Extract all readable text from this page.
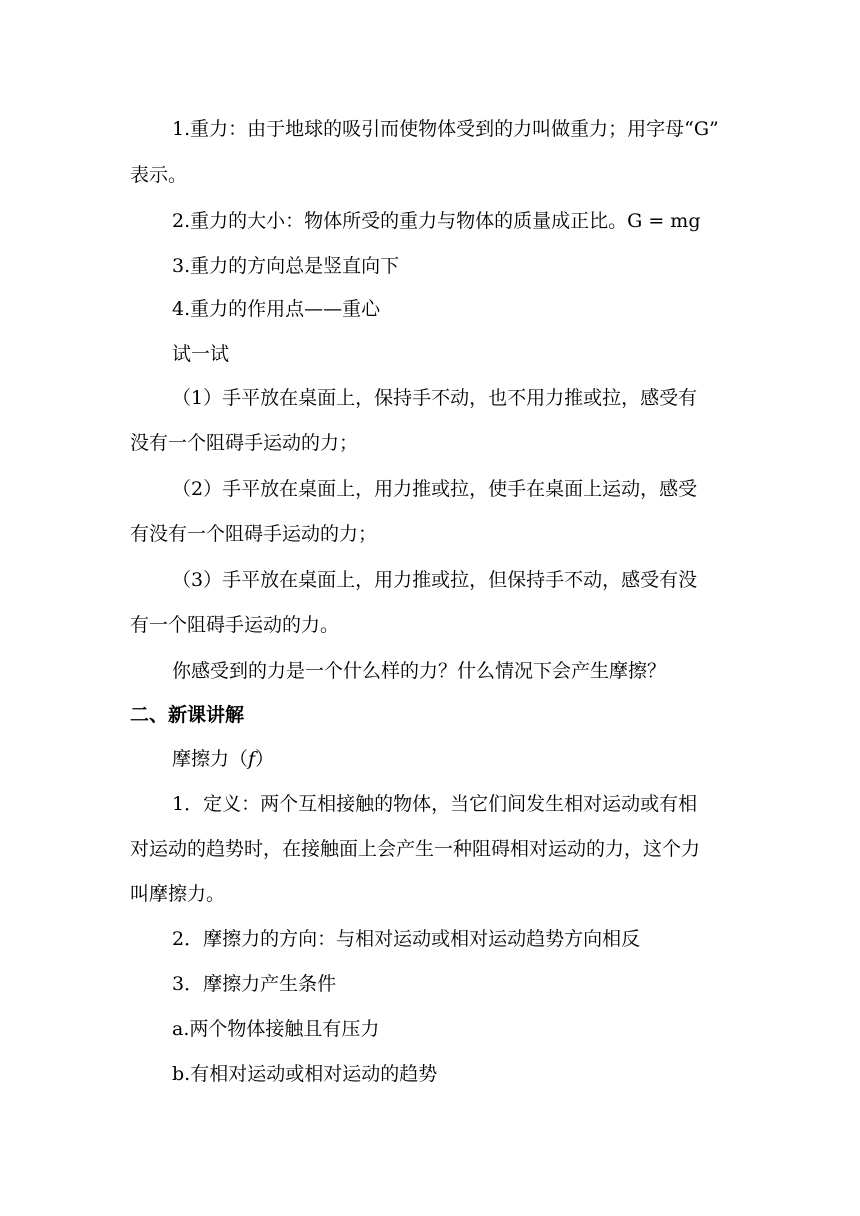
1.重力：由于地球的吸引而使物体受到的力叫做重力；用字母“G”
表示。
2.重力的大小：物体所受的重力与物体的质量成正比。G = mg
3.重力的方向总是竖直向下
4.重力的作用点——重心
试一试
（1）手平放在桌面上，保持手不动，也不用力推或拉，感受有
没有一个阻碍手运动的力；
（2）手平放在桌面上，用力推或拉，使手在桌面上运动，感受
有没有一个阻碍手运动的力；
（3）手平放在桌面上，用力推或拉，但保持手不动，感受有没
有一个阻碍手运动的力。
你感受到的力是一个什么样的力？什么情况下会产生摩擦？
二、新课讲解
摩擦力（f）
1．定义：两个互相接触的物体，当它们间发生相对运动或有相
对运动的趋势时，在接触面上会产生一种阻碍相对运动的力，这个力
叫摩擦力。
2．摩擦力的方向：与相对运动或相对运动趋势方向相反
3．摩擦力产生条件
a.两个物体接触且有压力
b.有相对运动或相对运动的趋势
